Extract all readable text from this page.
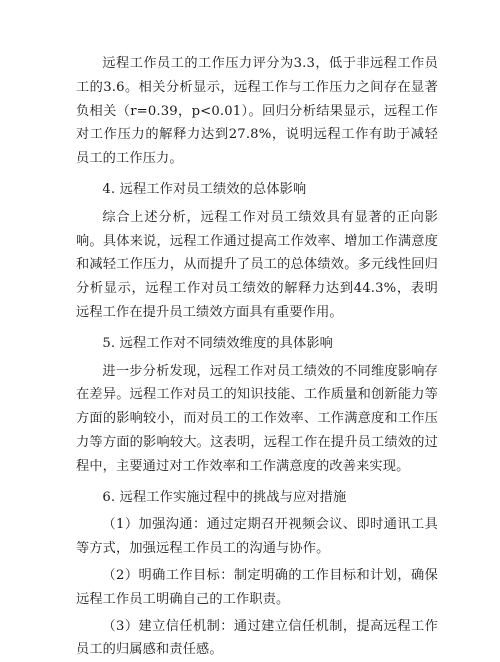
远程工作员工的工作压力评分为3.3，低于非远程工作员工的3.6。相关分析显示，远程工作与工作压力之间存在显著负相关（r=0.39，p<0.01）。回归分析结果显示，远程工作对工作压力的解释力达到27.8%，说明远程工作有助于减轻员工的工作压力。

4. 远程工作对员工绩效的总体影响

综合上述分析，远程工作对员工绩效具有显著的正向影响。具体来说，远程工作通过提高工作效率、增加工作满意度和减轻工作压力，从而提升了员工的总体绩效。多元线性回归分析显示，远程工作对员工绩效的解释力达到44.3%，表明远程工作在提升员工绩效方面具有重要作用。

5. 远程工作对不同绩效维度的具体影响

进一步分析发现，远程工作对员工绩效的不同维度影响存在差异。远程工作对员工的知识技能、工作质量和创新能力等方面的影响较小，而对员工的工作效率、工作满意度和工作压力等方面的影响较大。这表明，远程工作在提升员工绩效的过程中，主要通过对工作效率和工作满意度的改善来实现。

6. 远程工作实施过程中的挑战与应对措施

（1）加强沟通：通过定期召开视频会议、即时通讯工具等方式，加强远程工作员工的沟通与协作。

（2）明确工作目标：制定明确的工作目标和计划，确保远程工作员工明确自己的工作职责。

（3）建立信任机制：通过建立信任机制，提高远程工作员工的归属感和责任感。
